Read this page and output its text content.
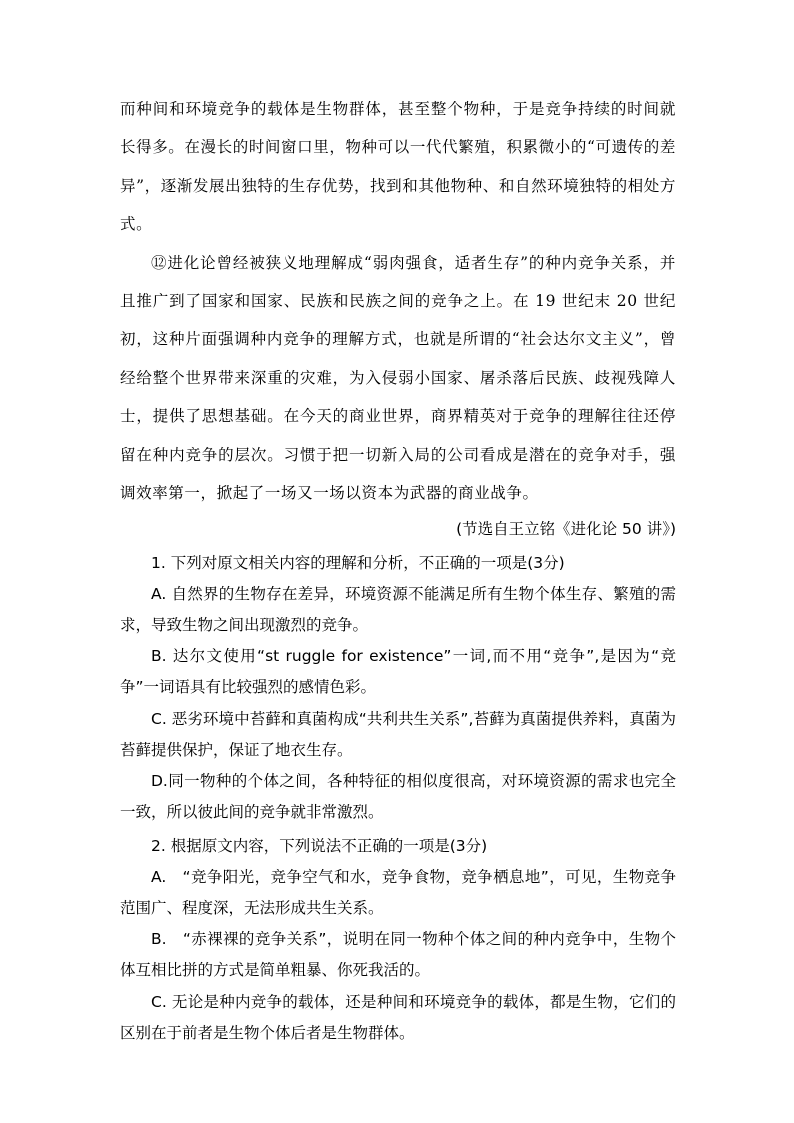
而种间和环境竞争的载体是生物群体，甚至整个物种，于是竞争持续的时间就长得多。在漫长的时间窗口里，物种可以一代代繁殖，积累微小的“可遗传的差异”，逐渐发展出独特的生存优势，找到和其他物种、和自然环境独特的相处方式。

⑫进化论曾经被狭义地理解成“弱肉强食，适者生存”的种内竞争关系，并且推广到了国家和国家、民族和民族之间的竞争之上。在 19 世纪末 20 世纪初，这种片面强调种内竞争的理解方式，也就是所谓的“社会达尔文主义”，曾经给整个世界带来深重的灾难，为入侵弱小国家、屠杀落后民族、歧视残障人士，提供了思想基础。在今天的商业世界，商界精英对于竞争的理解往往还停留在种内竞争的层次。习惯于把一切新入局的公司看成是潜在的竞争对手，强调效率第一，掀起了一场又一场以资本为武器的商业战争。

(节选自王立铭《进化论 50 讲》)

1. 下列对原文相关内容的理解和分析，不正确的一项是(3分)

A. 自然界的生物存在差异，环境资源不能满足所有生物个体生存、繁殖的需求，导致生物之间出现激烈的竞争。

B. 达尔文使用“st ruggle for existence”一词,而不用“竞争”,是因为“竞争”一词语具有比较强烈的感情色彩。

C. 恶劣环境中苔藓和真菌构成“共利共生关系”,苔藓为真菌提供养料，真菌为苔藓提供保护，保证了地衣生存。

D.同一物种的个体之间，各种特征的相似度很高，对环境资源的需求也完全一致，所以彼此间的竞争就非常激烈。

2. 根据原文内容，下列说法不正确的一项是(3分)

A.　“竞争阳光，竞争空气和水，竞争食物，竞争栖息地”，可见，生物竞争范围广、程度深，无法形成共生关系。

B.　“赤裸裸的竞争关系”，说明在同一物种个体之间的种内竞争中，生物个体互相比拼的方式是简单粗暴、你死我活的。

C. 无论是种内竞争的载体，还是种间和环境竞争的载体，都是生物，它们的区别在于前者是生物个体后者是生物群体。
